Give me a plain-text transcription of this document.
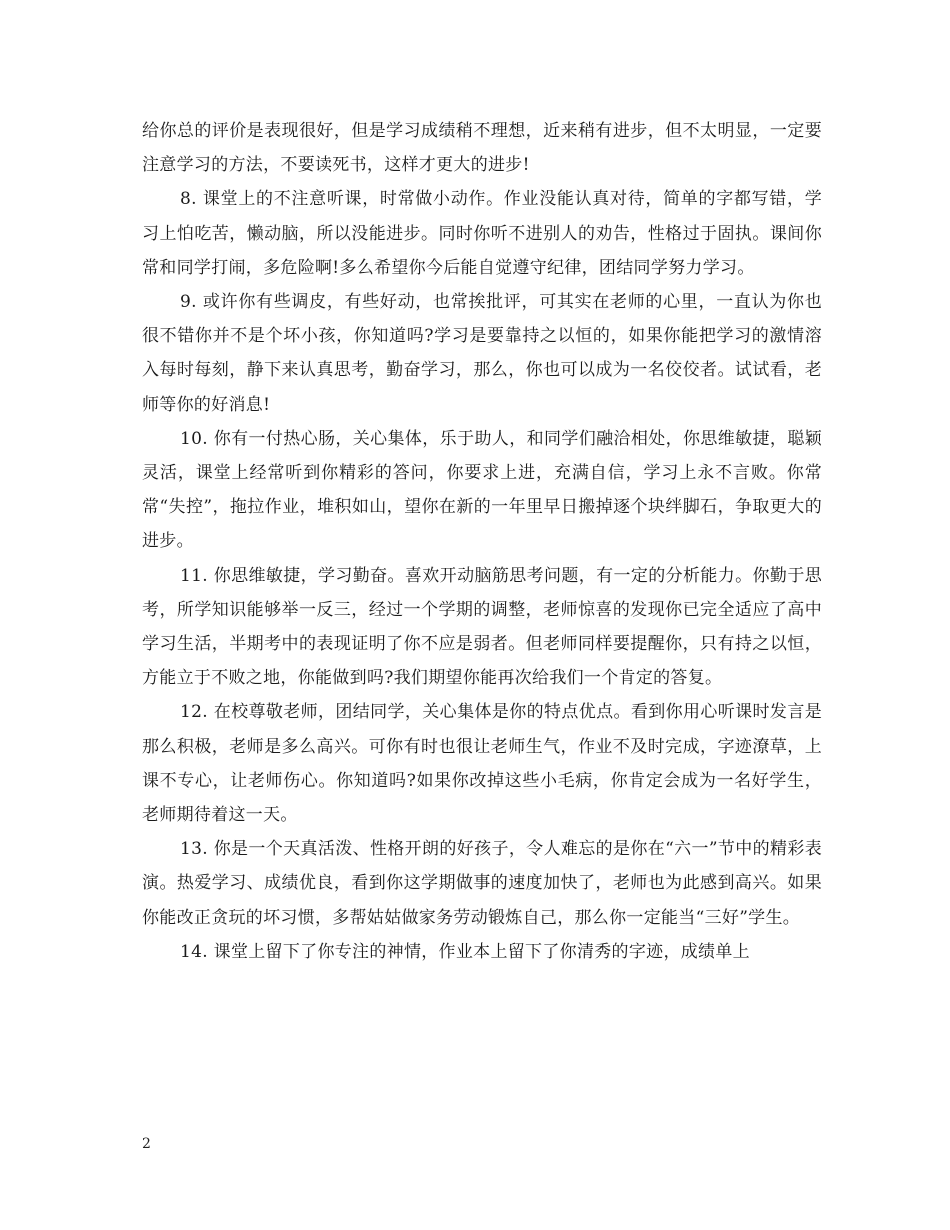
给你总的评价是表现很好，但是学习成绩稍不理想，近来稍有进步，但不太明显，一定要注意学习的方法，不要读死书，这样才更大的进步!

8. 课堂上的不注意听课，时常做小动作。作业没能认真对待，简单的字都写错，学习上怕吃苦，懒动脑，所以没能进步。同时你听不进别人的劝告，性格过于固执。课间你常和同学打闹，多危险啊!多么希望你今后能自觉遵守纪律，团结同学努力学习。

9. 或许你有些调皮，有些好动，也常挨批评，可其实在老师的心里，一直认为你也很不错你并不是个坏小孩，你知道吗?学习是要靠持之以恒的，如果你能把学习的激情溶入每时每刻，静下来认真思考，勤奋学习，那么，你也可以成为一名佼佼者。试试看，老师等你的好消息!

10. 你有一付热心肠，关心集体，乐于助人，和同学们融洽相处，你思维敏捷，聪颖灵活，课堂上经常听到你精彩的答问，你要求上进，充满自信，学习上永不言败。你常常“失控”，拖拉作业，堆积如山，望你在新的一年里早日搬掉逐个块绊脚石，争取更大的进步。

11. 你思维敏捷，学习勤奋。喜欢开动脑筋思考问题，有一定的分析能力。你勤于思考，所学知识能够举一反三，经过一个学期的调整，老师惊喜的发现你已完全适应了高中学习生活，半期考中的表现证明了你不应是弱者。但老师同样要提醒你，只有持之以恒，方能立于不败之地，你能做到吗?我们期望你能再次给我们一个肯定的答复。

12. 在校尊敬老师，团结同学，关心集体是你的特点优点。看到你用心听课时发言是那么积极，老师是多么高兴。可你有时也很让老师生气，作业不及时完成，字迹潦草，上课不专心，让老师伤心。你知道吗?如果你改掉这些小毛病，你肯定会成为一名好学生，老师期待着这一天。

13. 你是一个天真活泼、性格开朗的好孩子，令人难忘的是你在“六一”节中的精彩表演。热爱学习、成绩优良，看到你这学期做事的速度加快了，老师也为此感到高兴。如果你能改正贪玩的坏习惯，多帮姑姑做家务劳动锻炼自己，那么你一定能当“三好”学生。

14. 课堂上留下了你专注的神情，作业本上留下了你清秀的字迹，成绩单上

2
